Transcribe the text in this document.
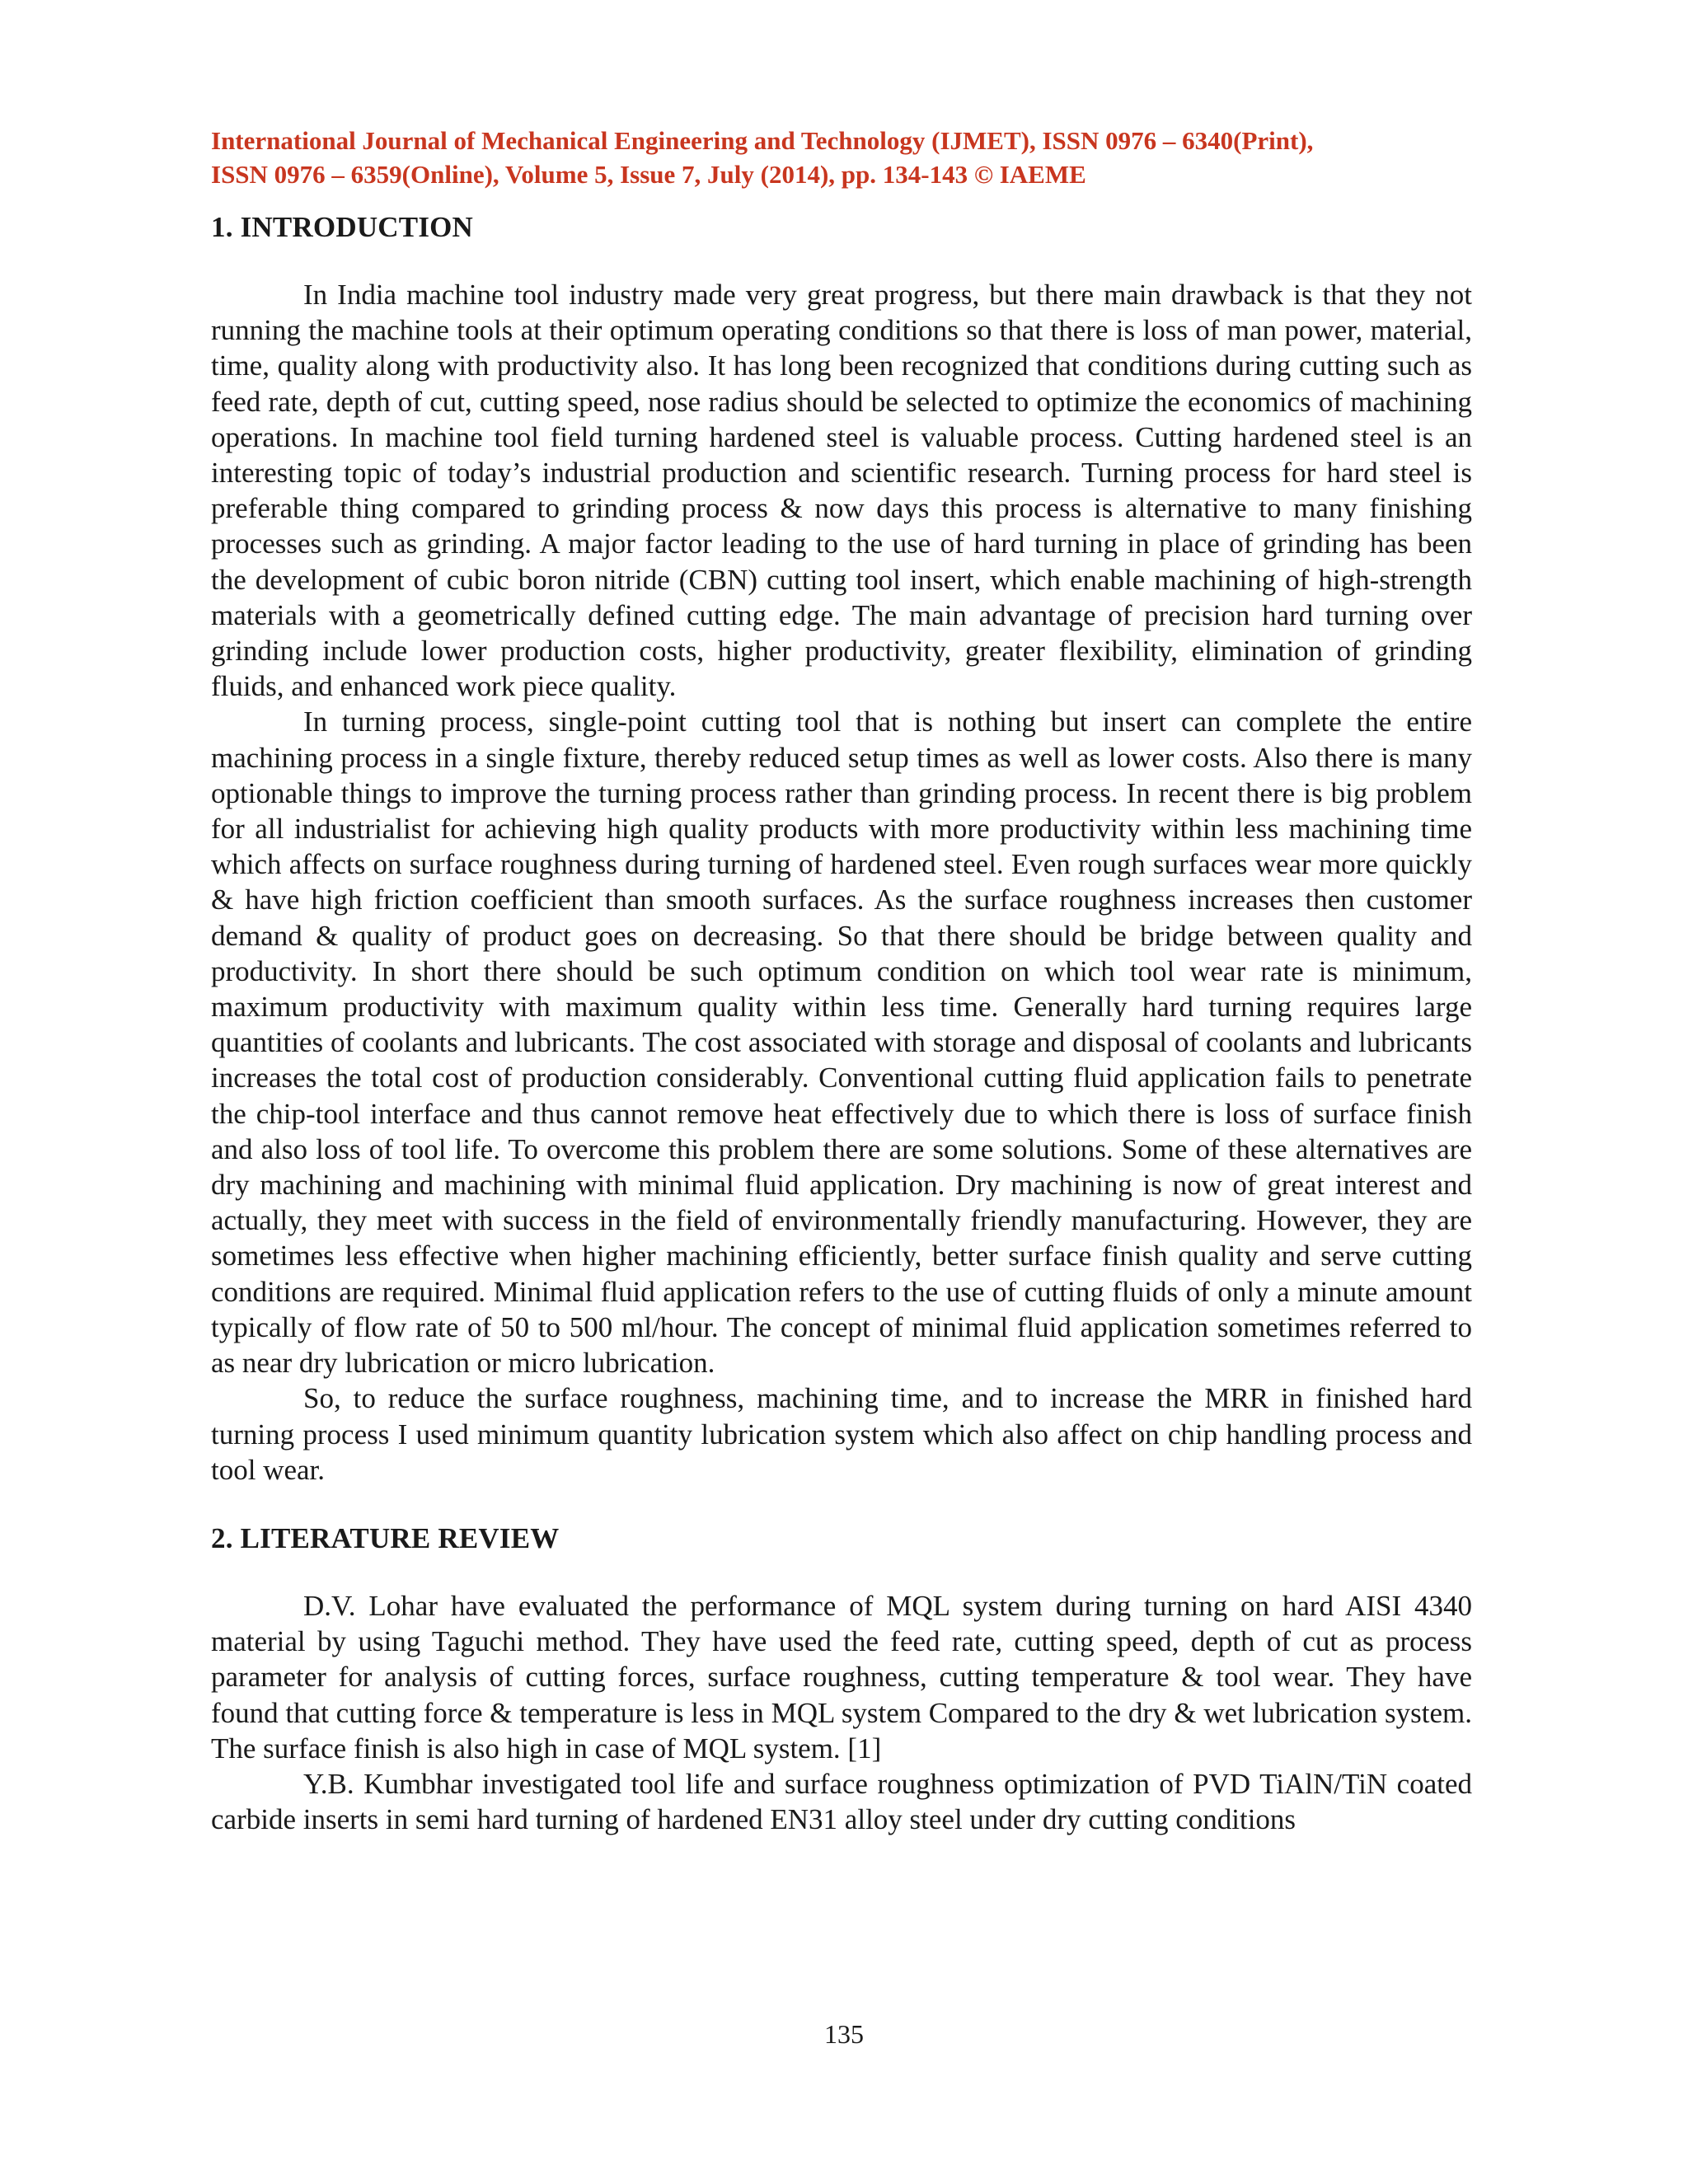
International Journal of Mechanical Engineering and Technology (IJMET), ISSN 0976 – 6340(Print),
ISSN 0976 – 6359(Online), Volume 5, Issue 7, July (2014), pp. 134-143 © IAEME
1. INTRODUCTION

In India machine tool industry made very great progress, but there main drawback is that they not running the machine tools at their optimum operating conditions so that there is loss of man power, material, time, quality along with productivity also. It has long been recognized that conditions during cutting such as feed rate, depth of cut, cutting speed, nose radius should be selected to optimize the economics of machining operations. In machine tool field turning hardened steel is valuable process. Cutting hardened steel is an interesting topic of today’s industrial production and scientific research. Turning process for hard steel is preferable thing compared to grinding process & now days this process is alternative to many finishing processes such as grinding. A major factor leading to the use of hard turning in place of grinding has been the development of cubic boron nitride (CBN) cutting tool insert, which enable machining of high-strength materials with a geometrically defined cutting edge. The main advantage of precision hard turning over grinding include lower production costs, higher productivity, greater flexibility, elimination of grinding fluids, and enhanced work piece quality.

In turning process, single-point cutting tool that is nothing but insert can complete the entire machining process in a single fixture, thereby reduced setup times as well as lower costs. Also there is many optionable things to improve the turning process rather than grinding process. In recent there is big problem for all industrialist for achieving high quality products with more productivity within less machining time which affects on surface roughness during turning of hardened steel. Even rough surfaces wear more quickly & have high friction coefficient than smooth surfaces. As the surface roughness increases then customer demand & quality of product goes on decreasing. So that there should be bridge between quality and productivity. In short there should be such optimum condition on which tool wear rate is minimum, maximum productivity with maximum quality within less time. Generally hard turning requires large quantities of coolants and lubricants. The cost associated with storage and disposal of coolants and lubricants increases the total cost of production considerably. Conventional cutting fluid application fails to penetrate the chip-tool interface and thus cannot remove heat effectively due to which there is loss of surface finish and also loss of tool life. To overcome this problem there are some solutions. Some of these alternatives are dry machining and machining with minimal fluid application. Dry machining is now of great interest and actually, they meet with success in the field of environmentally friendly manufacturing. However, they are sometimes less effective when higher machining efficiently, better surface finish quality and serve cutting conditions are required. Minimal fluid application refers to the use of cutting fluids of only a minute amount typically of flow rate of 50 to 500 ml/hour. The concept of minimal fluid application sometimes referred to as near dry lubrication or micro lubrication.

So, to reduce the surface roughness, machining time, and to increase the MRR in finished hard turning process I used minimum quantity lubrication system which also affect on chip handling process and tool wear.

2. LITERATURE REVIEW

D.V. Lohar have evaluated the performance of MQL system during turning on hard AISI 4340 material by using Taguchi method. They have used the feed rate, cutting speed, depth of cut as process parameter for analysis of cutting forces, surface roughness, cutting temperature & tool wear. They have found that cutting force & temperature is less in MQL system Compared to the dry & wet lubrication system. The surface finish is also high in case of MQL system. [1]

Y.B. Kumbhar investigated tool life and surface roughness optimization of PVD TiAlN/TiN coated carbide inserts in semi hard turning of hardened EN31 alloy steel under dry cutting conditions

135
